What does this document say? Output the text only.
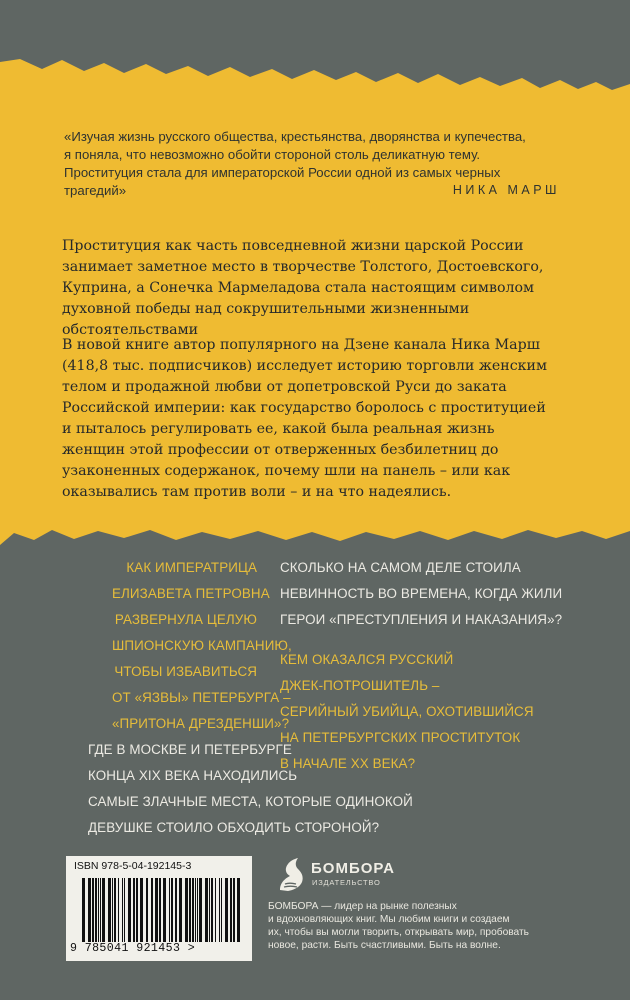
«Изучая жизнь русского общества, крестьянства, дворянства и купечества,
я поняла, что невозможно обойти стороной столь деликатную тему.
Проституция стала для императорской России одной из самых черных
трагедий»	НИКА МАРШ
Проституция как часть повседневной жизни царской России
занимает заметное место в творчестве Толстого, Достоевского,
Куприна, а Сонечка Мармеладова стала настоящим символом
духовной победы над сокрушительными жизненными
обстоятельствами
В новой книге автор популярного на Дзене канала Ника Марш
(418,8 тыс. подписчиков) исследует историю торговли женским
телом и продажной любви от допетровской Руси до заката
Российской империи: как государство боролось с проституцией
и пыталось регулировать ее, какой была реальная жизнь
женщин этой профессии от отверженных безбилетниц до
узаконенных содержанок, почему шли на панель – или как
оказывались там против воли – и на что надеялись.
КАК ИМПЕРАТРИЦА
ЕЛИЗАВЕТА ПЕТРОВНА
РАЗВЕРНУЛА ЦЕЛУЮ
ШПИОНСКУЮ КАМПАНИЮ,
ЧТОБЫ ИЗБАВИТЬСЯ
ОТ «ЯЗВЫ» ПЕТЕРБУРГА –
«ПРИТОНА ДРЕЗДЕНШИ»?
СКОЛЬКО НА САМОМ ДЕЛЕ СТОИЛА
НЕВИННОСТЬ ВО ВРЕМЕНА, КОГДА ЖИЛИ
ГЕРОИ «ПРЕСТУПЛЕНИЯ И НАКАЗАНИЯ»?
КЕМ ОКАЗАЛСЯ РУССКИЙ
ДЖЕК-ПОТРОШИТЕЛЬ –
СЕРИЙНЫЙ УБИЙЦА, ОХОТИВШИЙСЯ
НА ПЕТЕРБУРГСКИХ ПРОСТИТУТОК
В НАЧАЛЕ XX ВЕКА?
ГДЕ В МОСКВЕ И ПЕТЕРБУРГЕ
КОНЦА XIX ВЕКА НАХОДИЛИСЬ
САМЫЕ ЗЛАЧНЫЕ МЕСТА, КОТОРЫЕ ОДИНОКОЙ
ДЕВУШКЕ СТОИЛО ОБХОДИТЬ СТОРОНОЙ?
ISBN 978-5-04-192145-3
9 785041 921453 >
БОМБОРА
ИЗДАТЕЛЬСТВО
БОМБОРА — лидер на рынке полезных
и вдохновляющих книг. Мы любим книги и создаем
их, чтобы вы могли творить, открывать мир, пробовать
новое, расти. Быть счастливыми. Быть на волне.
